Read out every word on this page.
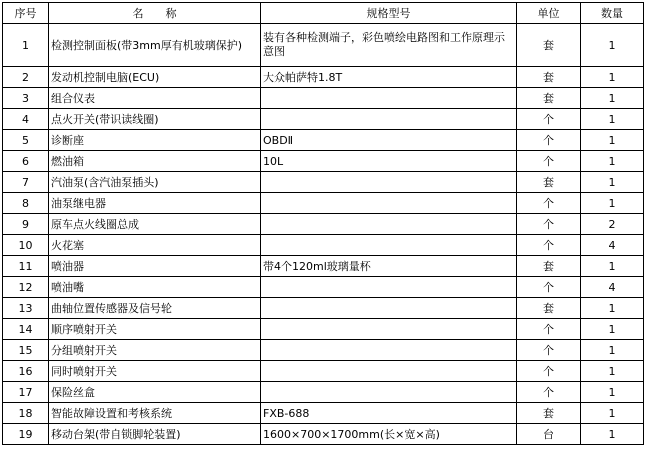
序号	名　　称	规格型号	单位	数量
1	检测控制面板(带3mm厚有机玻璃保护)	装有各种检测端子，彩色喷绘电路图和工作原理示意图	套	1
2	发动机控制电脑(ECU)	大众帕萨特1.8T	套	1
3	组合仪表		套	1
4	点火开关(带识读线圈)		个	1
5	诊断座	OBDⅡ	个	1
6	燃油箱	10L	个	1
7	汽油泵(含汽油泵插头)		套	1
8	油泵继电器		个	1
9	原车点火线圈总成		个	2
10	火花塞		个	4
11	喷油器	带4个120ml玻璃量杯	套	1
12	喷油嘴		个	4
13	曲轴位置传感器及信号轮		套	1
14	顺序喷射开关		个	1
15	分组喷射开关		个	1
16	同时喷射开关		个	1
17	保险丝盒		个	1
18	智能故障设置和考核系统	FXB-688	套	1
19	移动台架(带自锁脚轮装置)	1600×700×1700mm(长×宽×高)	台	1
